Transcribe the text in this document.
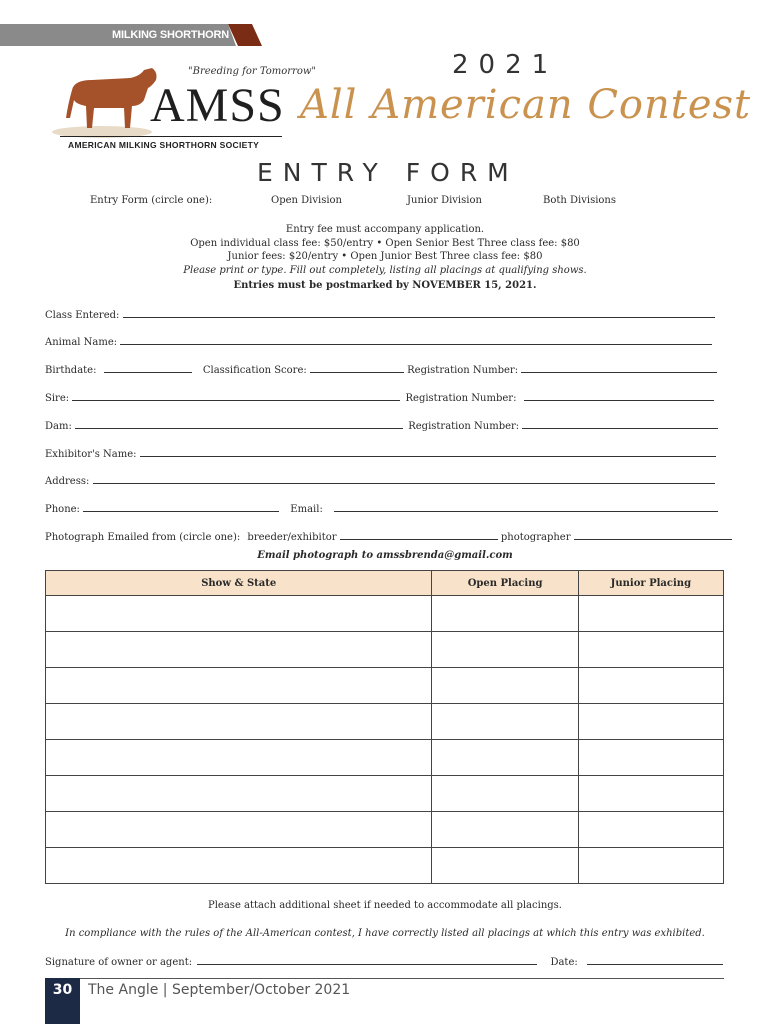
MILKING SHORTHORN
"Breeding for Tomorrow"
AMSS
AMERICAN MILKING SHORTHORN SOCIETY
2021
All American Contest
ENTRY FORM
Entry Form (circle one):	Open Division	Junior Division	Both Divisions
Entry fee must accompany application.
Open individual class fee: $50/entry • Open Senior Best Three class fee: $80
Junior fees: $20/entry • Open Junior Best Three class fee: $80
Please print or type. Fill out completely, listing all placings at qualifying shows.
Entries must be postmarked by NOVEMBER 15, 2021.
Class Entered:
Animal Name:
Birthdate:	Classification Score:	Registration Number:
Sire:	Registration Number:
Dam:	Registration Number:
Exhibitor's Name:
Address:
Phone:	Email:
Photograph Emailed from (circle one): breeder/exhibitor	photographer
Email photograph to amssbrenda@gmail.com
Show & State	Open Placing	Junior Placing

Please attach additional sheet if needed to accommodate all placings.
In compliance with the rules of the All-American contest, I have correctly listed all placings at which this entry was exhibited.
Signature of owner or agent:	Date:
30	The Angle | September/October 2021
